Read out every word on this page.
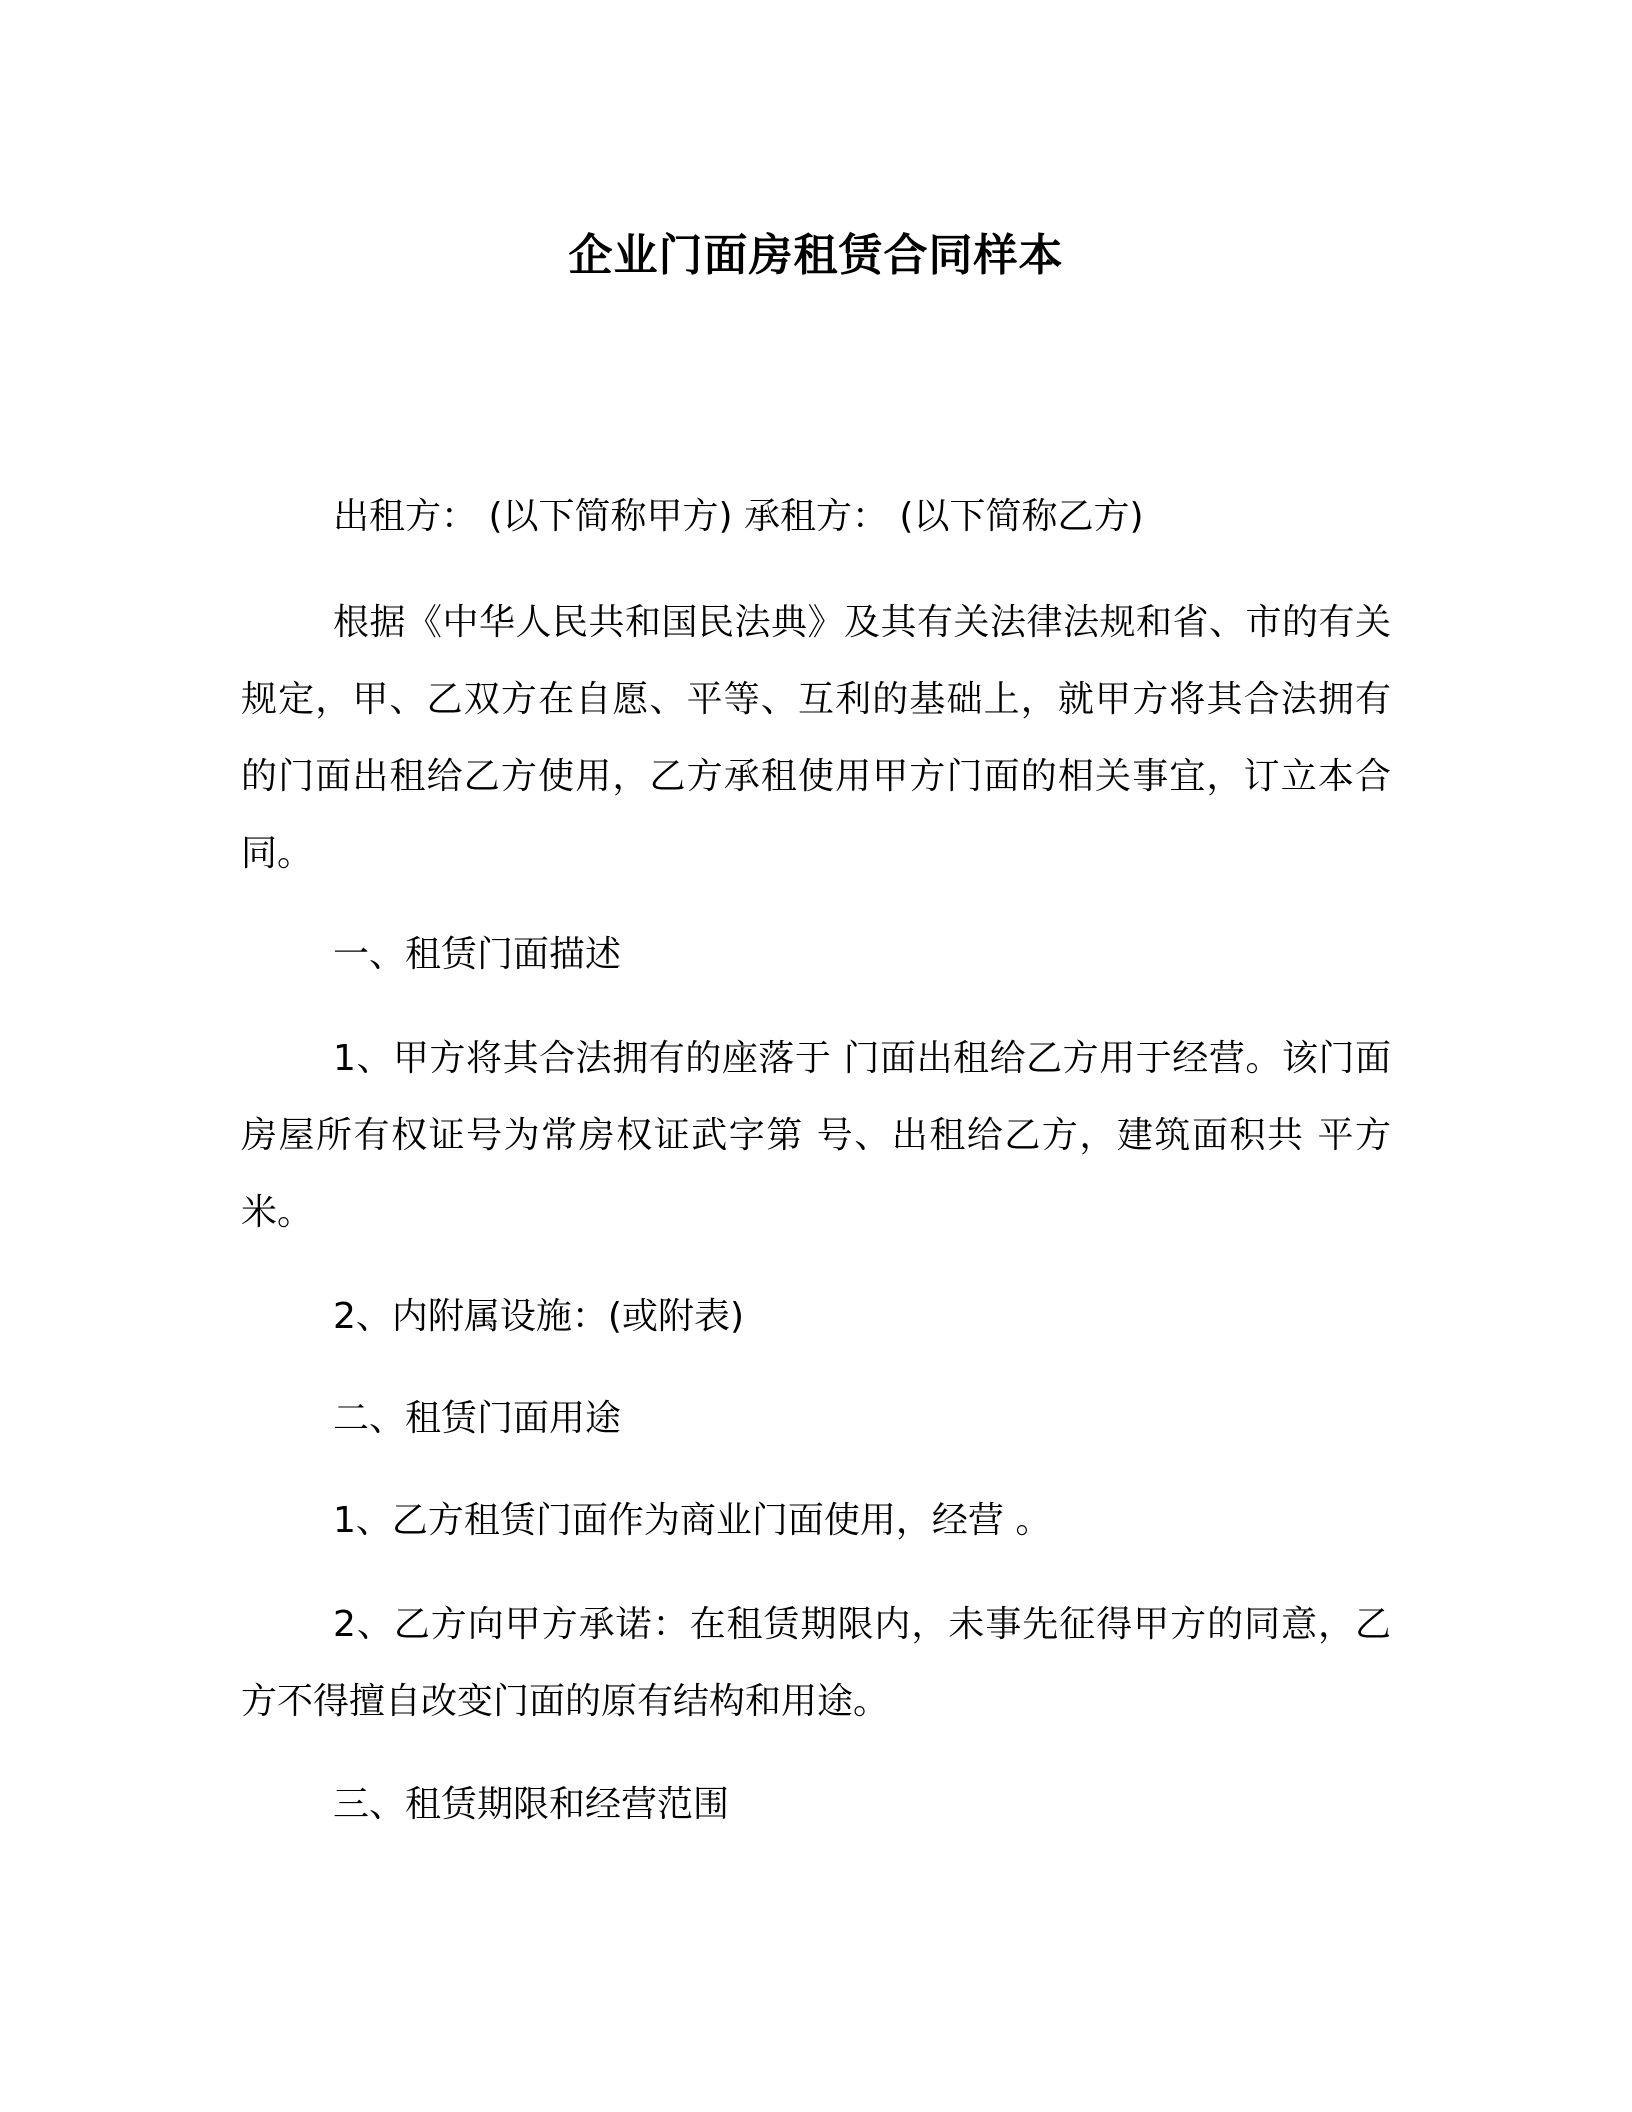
企业门面房租赁合同样本
出租方： (以下简称甲方) 承租方： (以下简称乙方)
根据《中华人民共和国民法典》及其有关法律法规和省、市的有关规定，甲、乙双方在自愿、平等、互利的基础上，就甲方将其合法拥有的门面出租给乙方使用，乙方承租使用甲方门面的相关事宜，订立本合同。
一、租赁门面描述
1、甲方将其合法拥有的座落于 门面出租给乙方用于经营。该门面房屋所有权证号为常房权证武字第 号、出租给乙方，建筑面积共 平方米。
2、内附属设施：(或附表)
二、租赁门面用途
1、乙方租赁门面作为商业门面使用，经营 。
2、乙方向甲方承诺：在租赁期限内，未事先征得甲方的同意，乙方不得擅自改变门面的原有结构和用途。
三、租赁期限和经营范围
